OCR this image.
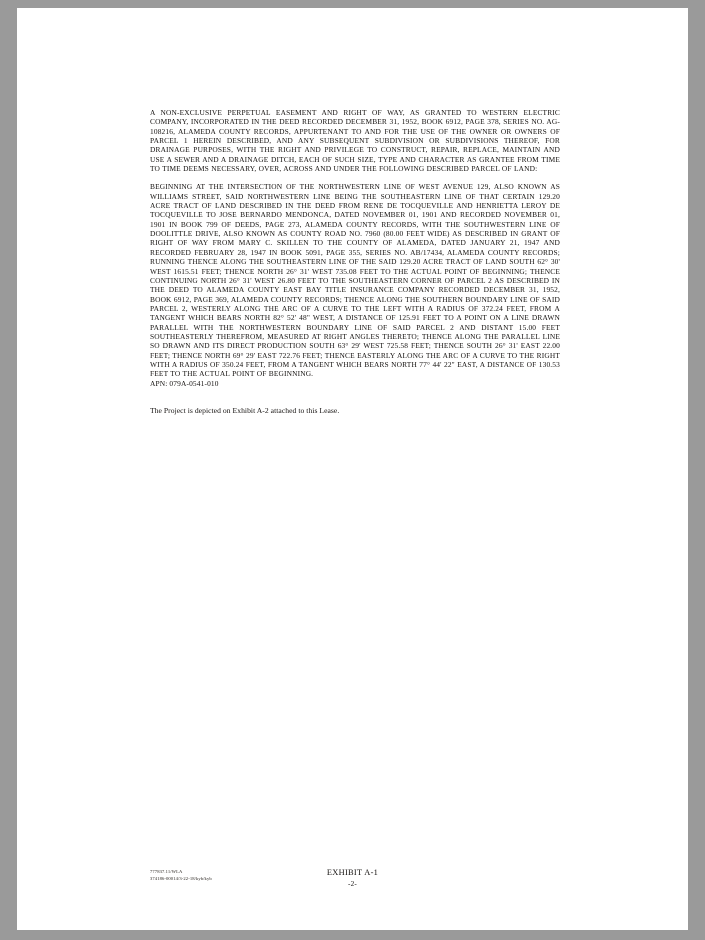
A NON-EXCLUSIVE PERPETUAL EASEMENT AND RIGHT OF WAY, AS GRANTED TO WESTERN ELECTRIC COMPANY, INCORPORATED IN THE DEED RECORDED DECEMBER 31, 1952, BOOK 6912, PAGE 378, SERIES NO. AG-108216, ALAMEDA COUNTY RECORDS, APPURTENANT TO AND FOR THE USE OF THE OWNER OR OWNERS OF PARCEL 1 HEREIN DESCRIBED, AND ANY SUBSEQUENT SUBDIVISION OR SUBDIVISIONS THEREOF, FOR DRAINAGE PURPOSES, WITH THE RIGHT AND PRIVILEGE TO CONSTRUCT, REPAIR, REPLACE, MAINTAIN AND USE A SEWER AND A DRAINAGE DITCH, EACH OF SUCH SIZE, TYPE AND CHARACTER AS GRANTEE FROM TIME TO TIME DEEMS NECESSARY, OVER, ACROSS AND UNDER THE FOLLOWING DESCRIBED PARCEL OF LAND:

BEGINNING AT THE INTERSECTION OF THE NORTHWESTERN LINE OF WEST AVENUE 129, ALSO KNOWN AS WILLIAMS STREET, SAID NORTHWESTERN LINE BEING THE SOUTHEASTERN LINE OF THAT CERTAIN 129.20 ACRE TRACT OF LAND DESCRIBED IN THE DEED FROM RENE DE TOCQUEVILLE AND HENRIETTA LEROY DE TOCQUEVILLE TO JOSE BERNARDO MENDONCA, DATED NOVEMBER 01, 1901 AND RECORDED NOVEMBER 01, 1901 IN BOOK 799 OF DEEDS, PAGE 273, ALAMEDA COUNTY RECORDS, WITH THE SOUTHWESTERN LINE OF DOOLITTLE DRIVE, ALSO KNOWN AS COUNTY ROAD NO. 7960 (80.00 FEET WIDE) AS DESCRIBED IN GRANT OF RIGHT OF WAY FROM MARY C. SKILLEN TO THE COUNTY OF ALAMEDA, DATED JANUARY 21, 1947 AND RECORDED FEBRUARY 28, 1947 IN BOOK 5091, PAGE 355, SERIES NO. AB/17434, ALAMEDA COUNTY RECORDS; RUNNING THENCE ALONG THE SOUTHEASTERN LINE OF THE SAID 129.20 ACRE TRACT OF LAND SOUTH 62° 30' WEST 1615.51 FEET; THENCE NORTH 26° 31' WEST 735.08 FEET TO THE ACTUAL POINT OF BEGINNING; THENCE CONTINUING NORTH 26° 31' WEST 26.80 FEET TO THE SOUTHEASTERN CORNER OF PARCEL 2 AS DESCRIBED IN THE DEED TO ALAMEDA COUNTY EAST BAY TITLE INSURANCE COMPANY RECORDED DECEMBER 31, 1952, BOOK 6912, PAGE 369, ALAMEDA COUNTY RECORDS; THENCE ALONG THE SOUTHERN BOUNDARY LINE OF SAID PARCEL 2, WESTERLY ALONG THE ARC OF A CURVE TO THE LEFT WITH A RADIUS OF 372.24 FEET, FROM A TANGENT WHICH BEARS NORTH 82° 52' 48" WEST, A DISTANCE OF 125.91 FEET TO A POINT ON A LINE DRAWN PARALLEL WITH THE NORTHWESTERN BOUNDARY LINE OF SAID PARCEL 2 AND DISTANT 15.00 FEET SOUTHEASTERLY THEREFROM, MEASURED AT RIGHT ANGLES THERETO; THENCE ALONG THE PARALLEL LINE SO DRAWN AND ITS DIRECT PRODUCTION SOUTH 63° 29' WEST 725.58 FEET; THENCE SOUTH 26° 31' EAST 22.00 FEET; THENCE NORTH 69° 29' EAST 722.76 FEET; THENCE EASTERLY ALONG THE ARC OF A CURVE TO THE RIGHT WITH A RADIUS OF 350.24 FEET, FROM A TANGENT WHICH BEARS NORTH 77° 44' 22" EAST, A DISTANCE OF 130.53 FEET TO THE ACTUAL POINT OF BEGINNING.

APN: 079A-0541-010

The Project is depicted on Exhibit A-2 attached to this Lease.

777837.11/WLA
374186-00014/3-22-18/kyb/kyb
EXHIBIT A-1
-2-
